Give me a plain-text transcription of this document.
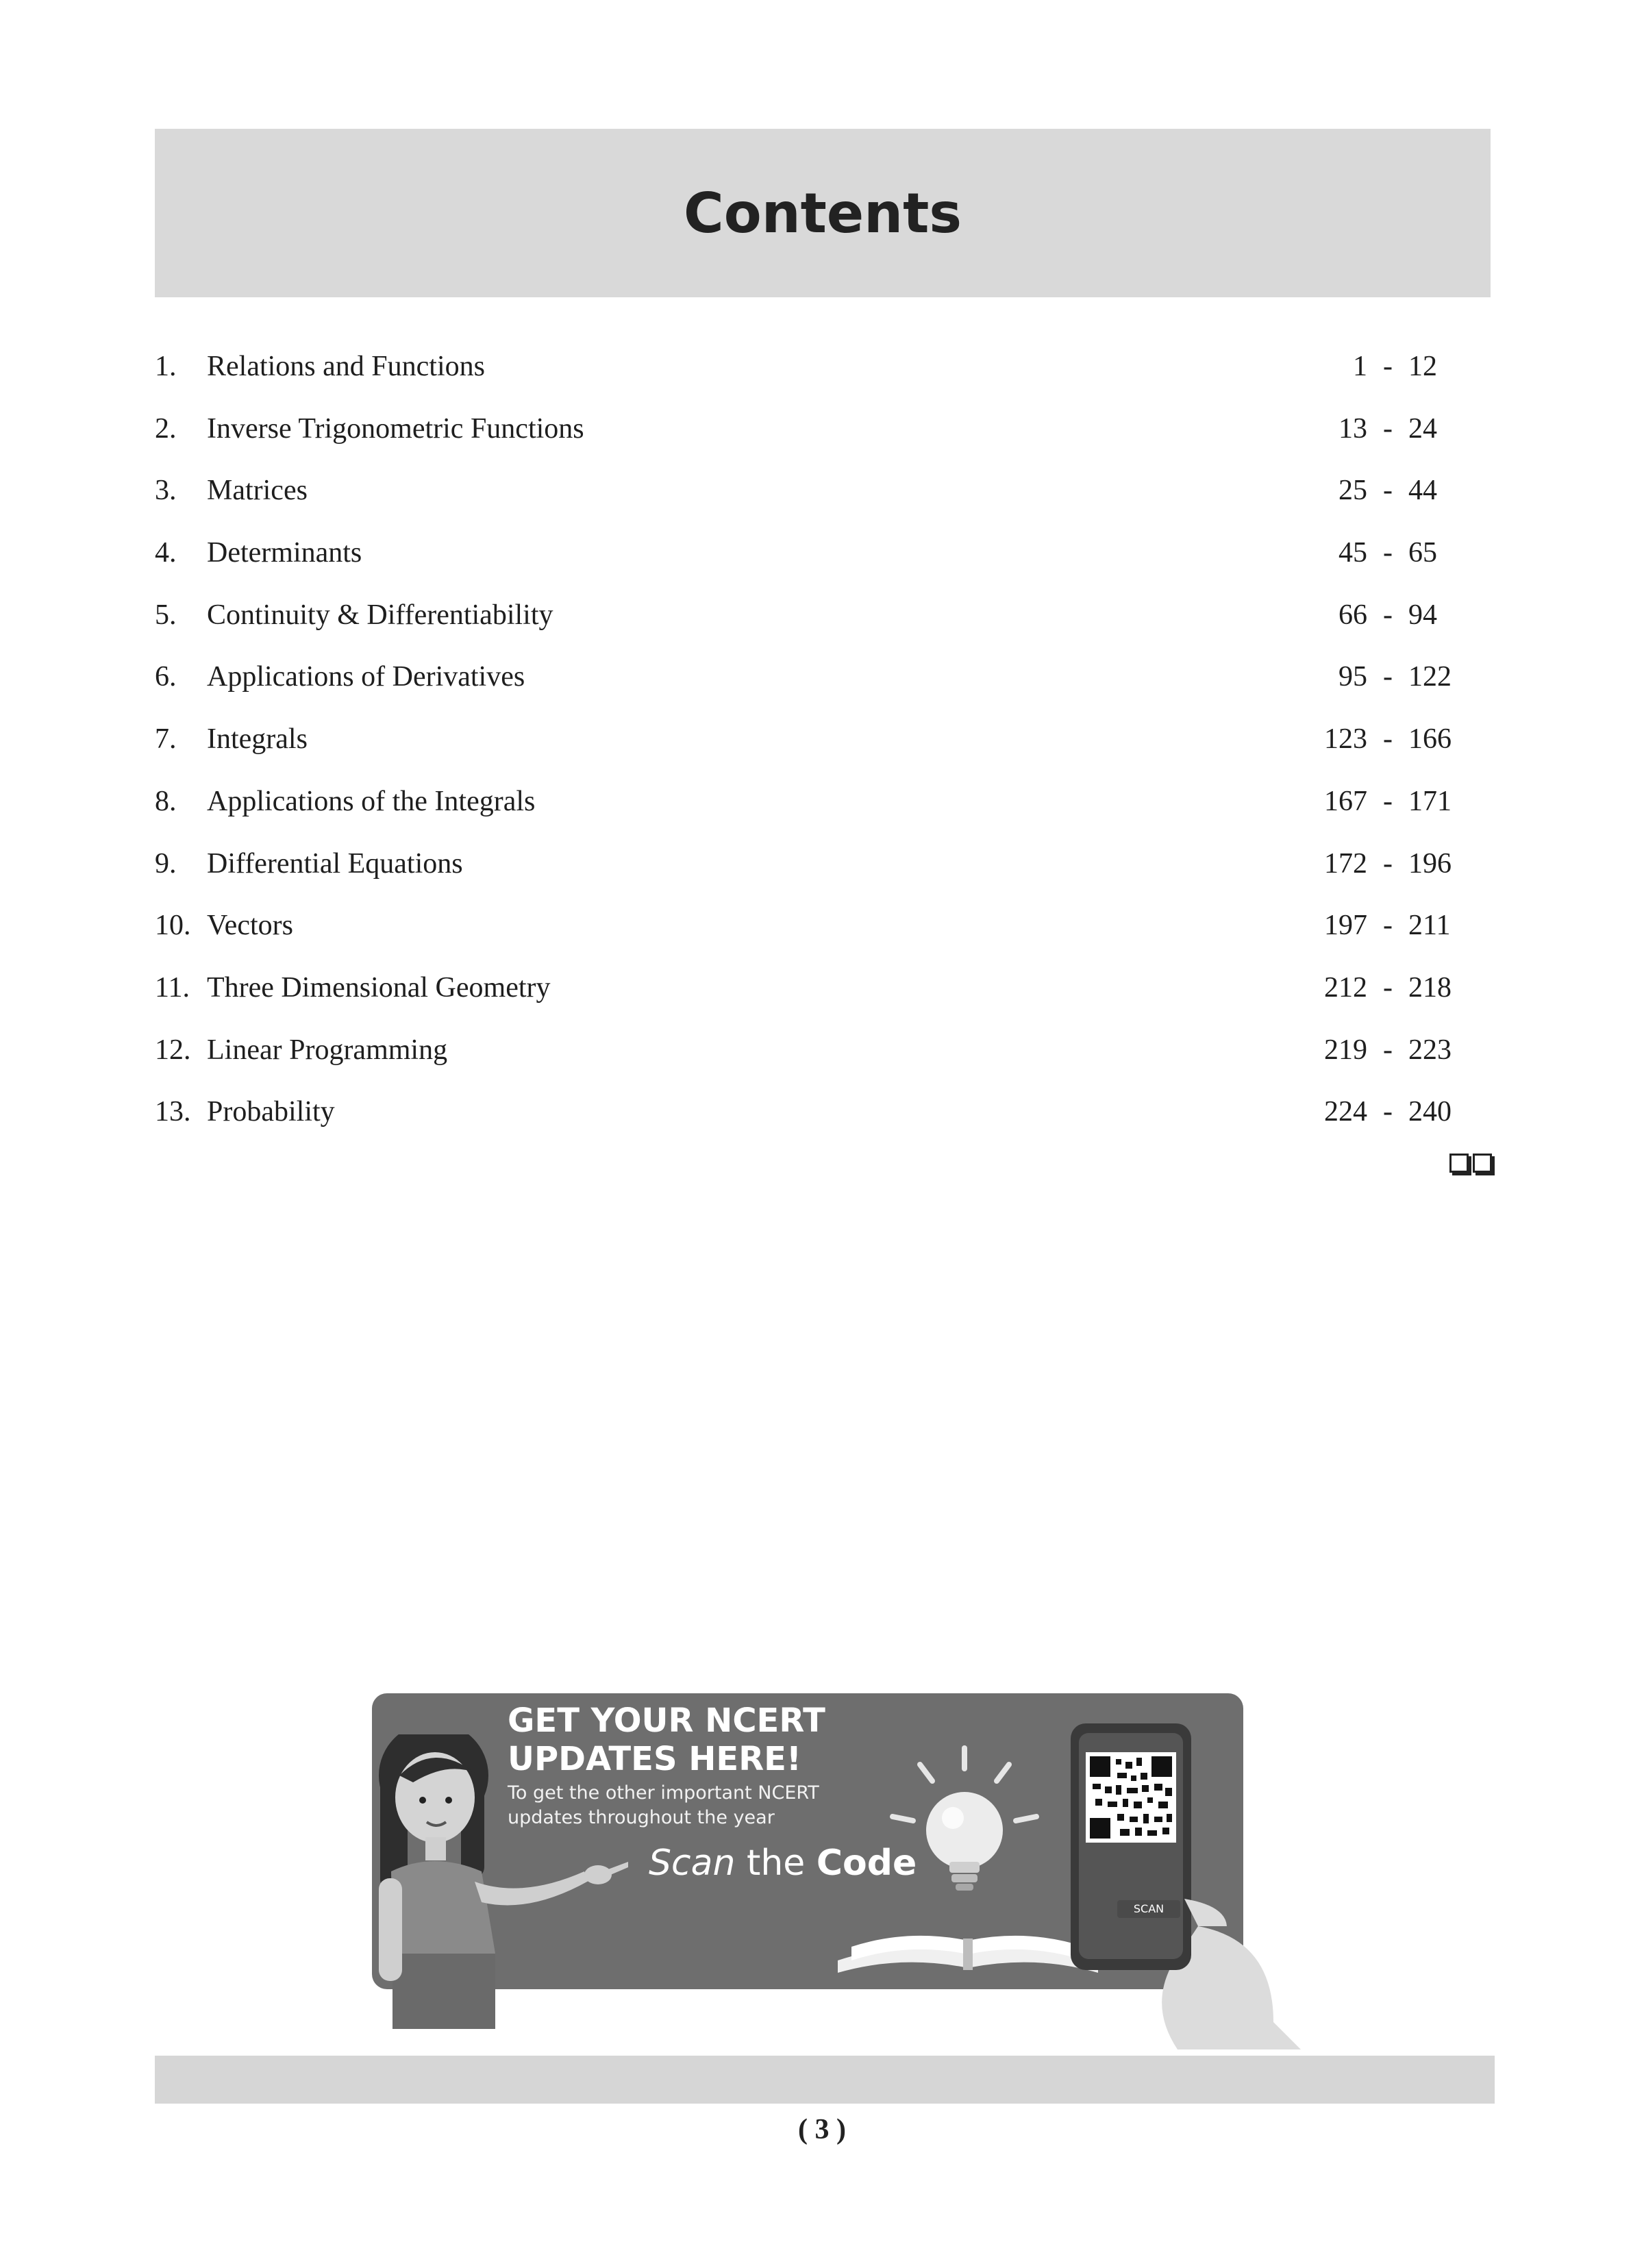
Contents
1. Relations and Functions	1 - 12
2. Inverse Trigonometric Functions	13 - 24
3. Matrices	25 - 44
4. Determinants	45 - 65
5. Continuity & Differentiability	66 - 94
6. Applications of Derivatives	95 - 122
7. Integrals	123 - 166
8. Applications of the Integrals	167 - 171
9. Differential Equations	172 - 196
10. Vectors	197 - 211
11. Three Dimensional Geometry	212 - 218
12. Linear Programming	219 - 223
13. Probability	224 - 240
GET YOUR NCERT
UPDATES HERE!
To get the other important NCERT
updates throughout the year
Scan the Code
SCAN
( 3 )
